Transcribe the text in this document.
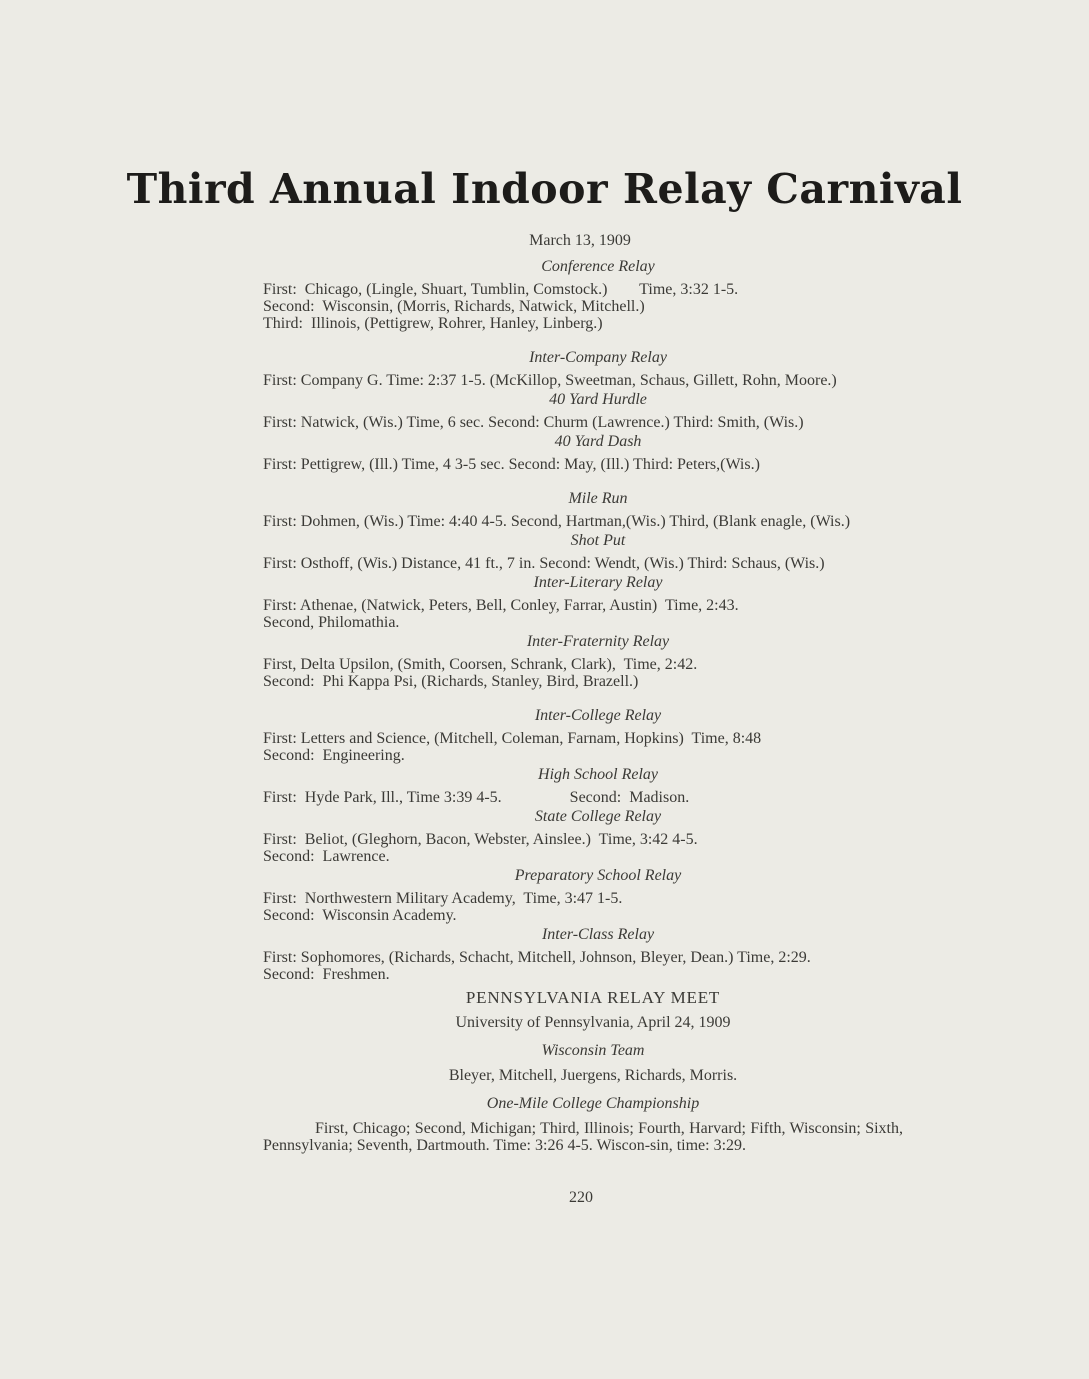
Third Annual Indoor Relay Carnival
March 13, 1909
Conference Relay
First:  Chicago, (Lingle, Shuart, Tumblin, Comstock.)        Time, 3:32 1-5.
Second:  Wisconsin, (Morris, Richards, Natwick, Mitchell.)
Third:  Illinois, (Pettigrew, Rohrer, Hanley, Linberg.)
Inter-Company Relay
First: Company G. Time: 2:37 1-5. (McKillop, Sweetman, Schaus, Gillett, Rohn, Moore.)
40 Yard Hurdle
First: Natwick, (Wis.) Time, 6 sec. Second: Churm (Lawrence.) Third: Smith, (Wis.)
40 Yard Dash
First: Pettigrew, (Ill.) Time, 4 3-5 sec. Second: May, (Ill.) Third: Peters,(Wis.)
Mile Run
First: Dohmen, (Wis.) Time: 4:40 4-5. Second, Hartman,(Wis.) Third, (Blank enagle, (Wis.)
Shot Put
First: Osthoff, (Wis.) Distance, 41 ft., 7 in. Second: Wendt, (Wis.) Third: Schaus, (Wis.)
Inter-Literary Relay
First: Athenae, (Natwick, Peters, Bell, Conley, Farrar, Austin)  Time, 2:43.
Second, Philomathia.
Inter-Fraternity Relay
First, Delta Upsilon, (Smith, Coorsen, Schrank, Clark),  Time, 2:42.
Second:  Phi Kappa Psi, (Richards, Stanley, Bird, Brazell.)
Inter-College Relay
First: Letters and Science, (Mitchell, Coleman, Farnam, Hopkins)  Time, 8:48
Second:  Engineering.
High School Relay
First:  Hyde Park, Ill., Time 3:39 4-5.                 Second:  Madison.
State College Relay
First:  Beliot, (Gleghorn, Bacon, Webster, Ainslee.)  Time, 3:42 4-5.
Second:  Lawrence.
Preparatory School Relay
First:  Northwestern Military Academy,  Time, 3:47 1-5.
Second:  Wisconsin Academy.
Inter-Class Relay
First: Sophomores, (Richards, Schacht, Mitchell, Johnson, Bleyer, Dean.) Time, 2:29.
Second:  Freshmen.
PENNSYLVANIA RELAY MEET
University of Pennsylvania, April 24, 1909
Wisconsin Team
Bleyer, Mitchell, Juergens, Richards, Morris.
One-Mile College Championship
First, Chicago; Second, Michigan; Third, Illinois; Fourth, Harvard; Fifth, Wisconsin; Sixth, Pennsylvania; Seventh, Dartmouth. Time: 3:26 4-5. Wiscon-sin, time: 3:29.
220
